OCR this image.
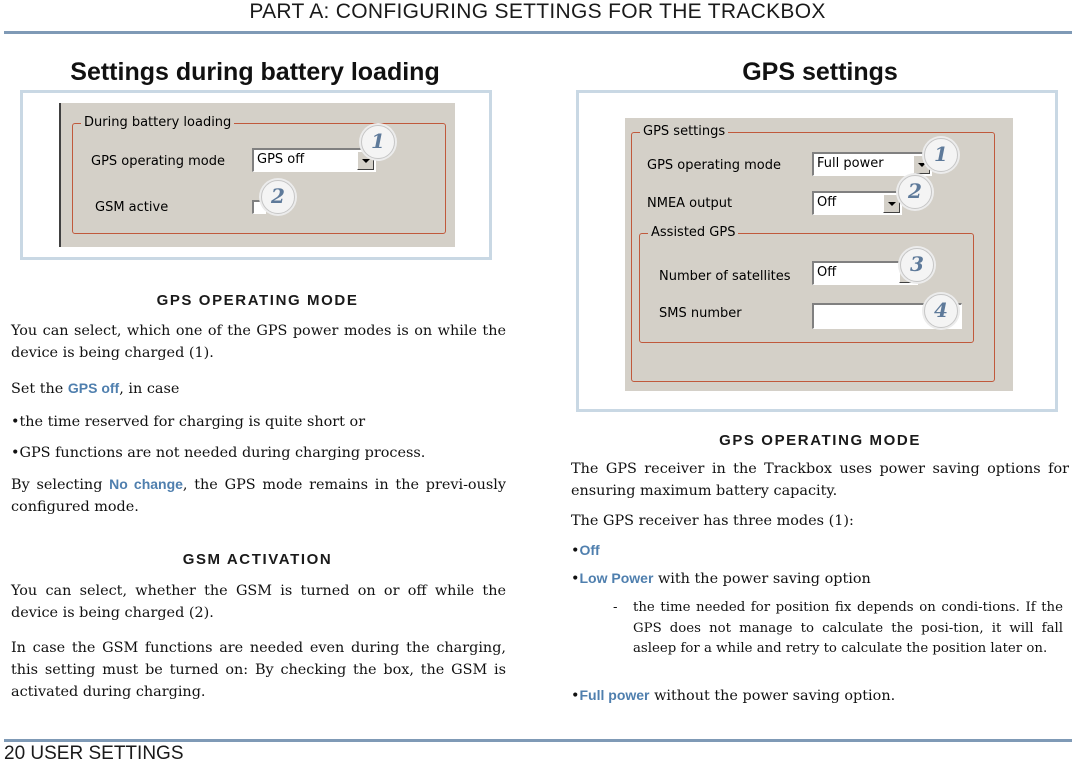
PART A: CONFIGURING SETTINGS FOR THE TRACKBOX
Settings during battery loading
During battery loading
GPS operating mode GPS off
GSM active
1
2
GPS OPERATING MODE

You can select, which one of the GPS power modes is on while the device is being charged (1).

Set the GPS off, in case

•the time reserved for charging is quite short or
•GPS functions are not needed during charging process.

By selecting No change, the GPS mode remains in the previ-ously configured mode.

GSM ACTIVATION

You can select, whether the GSM is turned on or off while the device is being charged (2).

In case the GSM functions are needed even during the charging, this setting must be turned on: By checking the box, the GSM is activated during charging.

GPS settings
GPS settings
GPS operating mode	Full power
NMEA output	Off
Assisted GPS
Number of satellites Off
SMS number
1
2
3
4
GPS OPERATING MODE

The GPS receiver in the Trackbox uses power saving options for ensuring maximum battery capacity.

The GPS receiver has three modes (1):

•Off
•Low Power with the power saving option
- the time needed for position fix depends on condi-tions. If the GPS does not manage to calculate the posi-tion, it will fall asleep for a while and retry to calculate the position later on.
•Full power without the power saving option.
20 USER SETTINGS
